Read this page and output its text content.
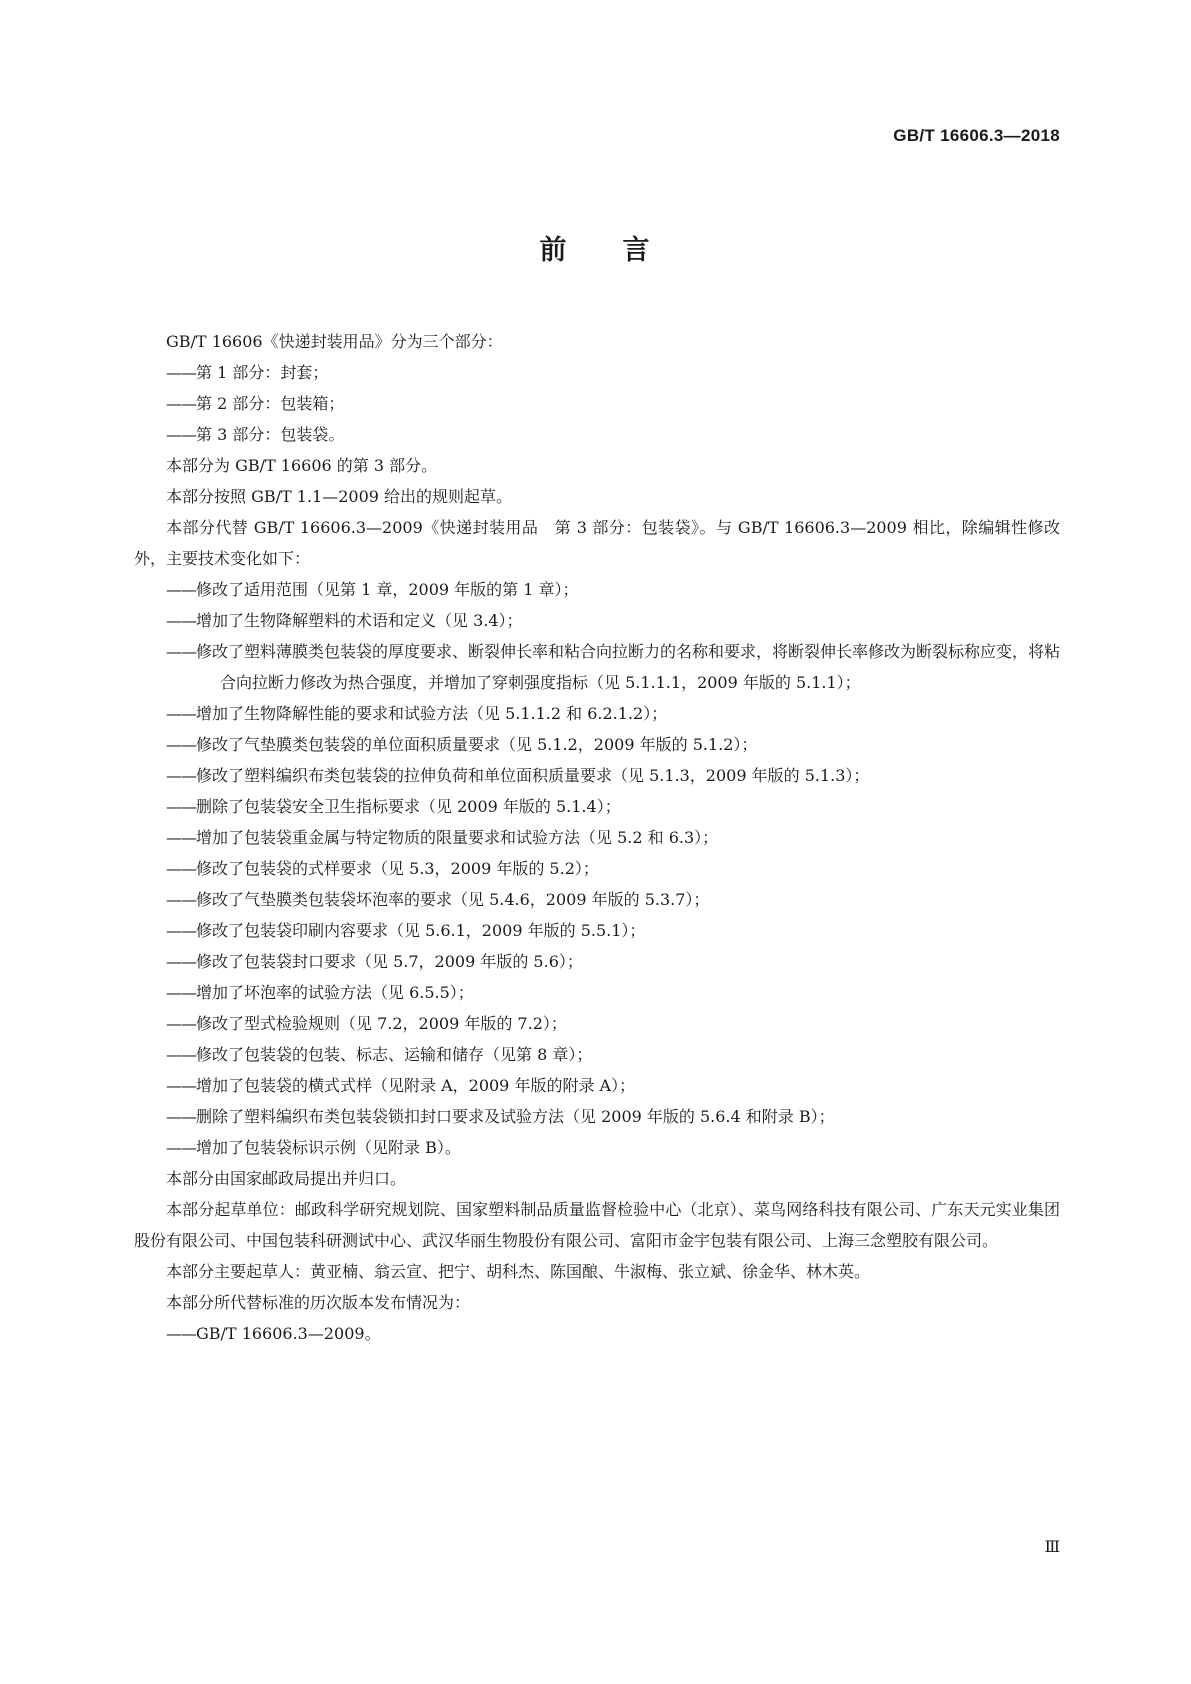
GB/T 16606.3—2018
前 言

GB/T 16606《快递封装用品》分为三个部分：

——第 1 部分：封套；

——第 2 部分：包装箱；

——第 3 部分：包装袋。

本部分为 GB/T 16606 的第 3 部分。

本部分按照 GB/T 1.1—2009 给出的规则起草。

本部分代替 GB/T 16606.3—2009《快递封装用品　第 3 部分：包装袋》。与 GB/T 16606.3—2009 相比，除编辑性修改外，主要技术变化如下：

——修改了适用范围（见第 1 章，2009 年版的第 1 章）；

——增加了生物降解塑料的术语和定义（见 3.4）；

——修改了塑料薄膜类包装袋的厚度要求、断裂伸长率和粘合向拉断力的名称和要求，将断裂伸长率修改为断裂标称应变，将粘合向拉断力修改为热合强度，并增加了穿刺强度指标（见 5.1.1.1，2009 年版的 5.1.1）；

——增加了生物降解性能的要求和试验方法（见 5.1.1.2 和 6.2.1.2）；

——修改了气垫膜类包装袋的单位面积质量要求（见 5.1.2，2009 年版的 5.1.2）；

——修改了塑料编织布类包装袋的拉伸负荷和单位面积质量要求（见 5.1.3，2009 年版的 5.1.3）；

——删除了包装袋安全卫生指标要求（见 2009 年版的 5.1.4）；

——增加了包装袋重金属与特定物质的限量要求和试验方法（见 5.2 和 6.3）；

——修改了包装袋的式样要求（见 5.3，2009 年版的 5.2）；

——修改了气垫膜类包装袋坏泡率的要求（见 5.4.6，2009 年版的 5.3.7）；

——修改了包装袋印刷内容要求（见 5.6.1，2009 年版的 5.5.1）；

——修改了包装袋封口要求（见 5.7，2009 年版的 5.6）；

——增加了坏泡率的试验方法（见 6.5.5）；

——修改了型式检验规则（见 7.2，2009 年版的 7.2）；

——修改了包装袋的包装、标志、运输和储存（见第 8 章）；

——增加了包装袋的横式式样（见附录 A，2009 年版的附录 A）；

——删除了塑料编织布类包装袋锁扣封口要求及试验方法（见 2009 年版的 5.6.4 和附录 B）；

——增加了包装袋标识示例（见附录 B）。

本部分由国家邮政局提出并归口。

本部分起草单位：邮政科学研究规划院、国家塑料制品质量监督检验中心（北京）、菜鸟网络科技有限公司、广东天元实业集团股份有限公司、中国包装科研测试中心、武汉华丽生物股份有限公司、富阳市金宇包装有限公司、上海三念塑胶有限公司。

本部分主要起草人：黄亚楠、翁云宣、把宁、胡科杰、陈国酿、牛淑梅、张立斌、徐金华、林木英。

本部分所代替标准的历次版本发布情况为：

——GB/T 16606.3—2009。

Ⅲ
